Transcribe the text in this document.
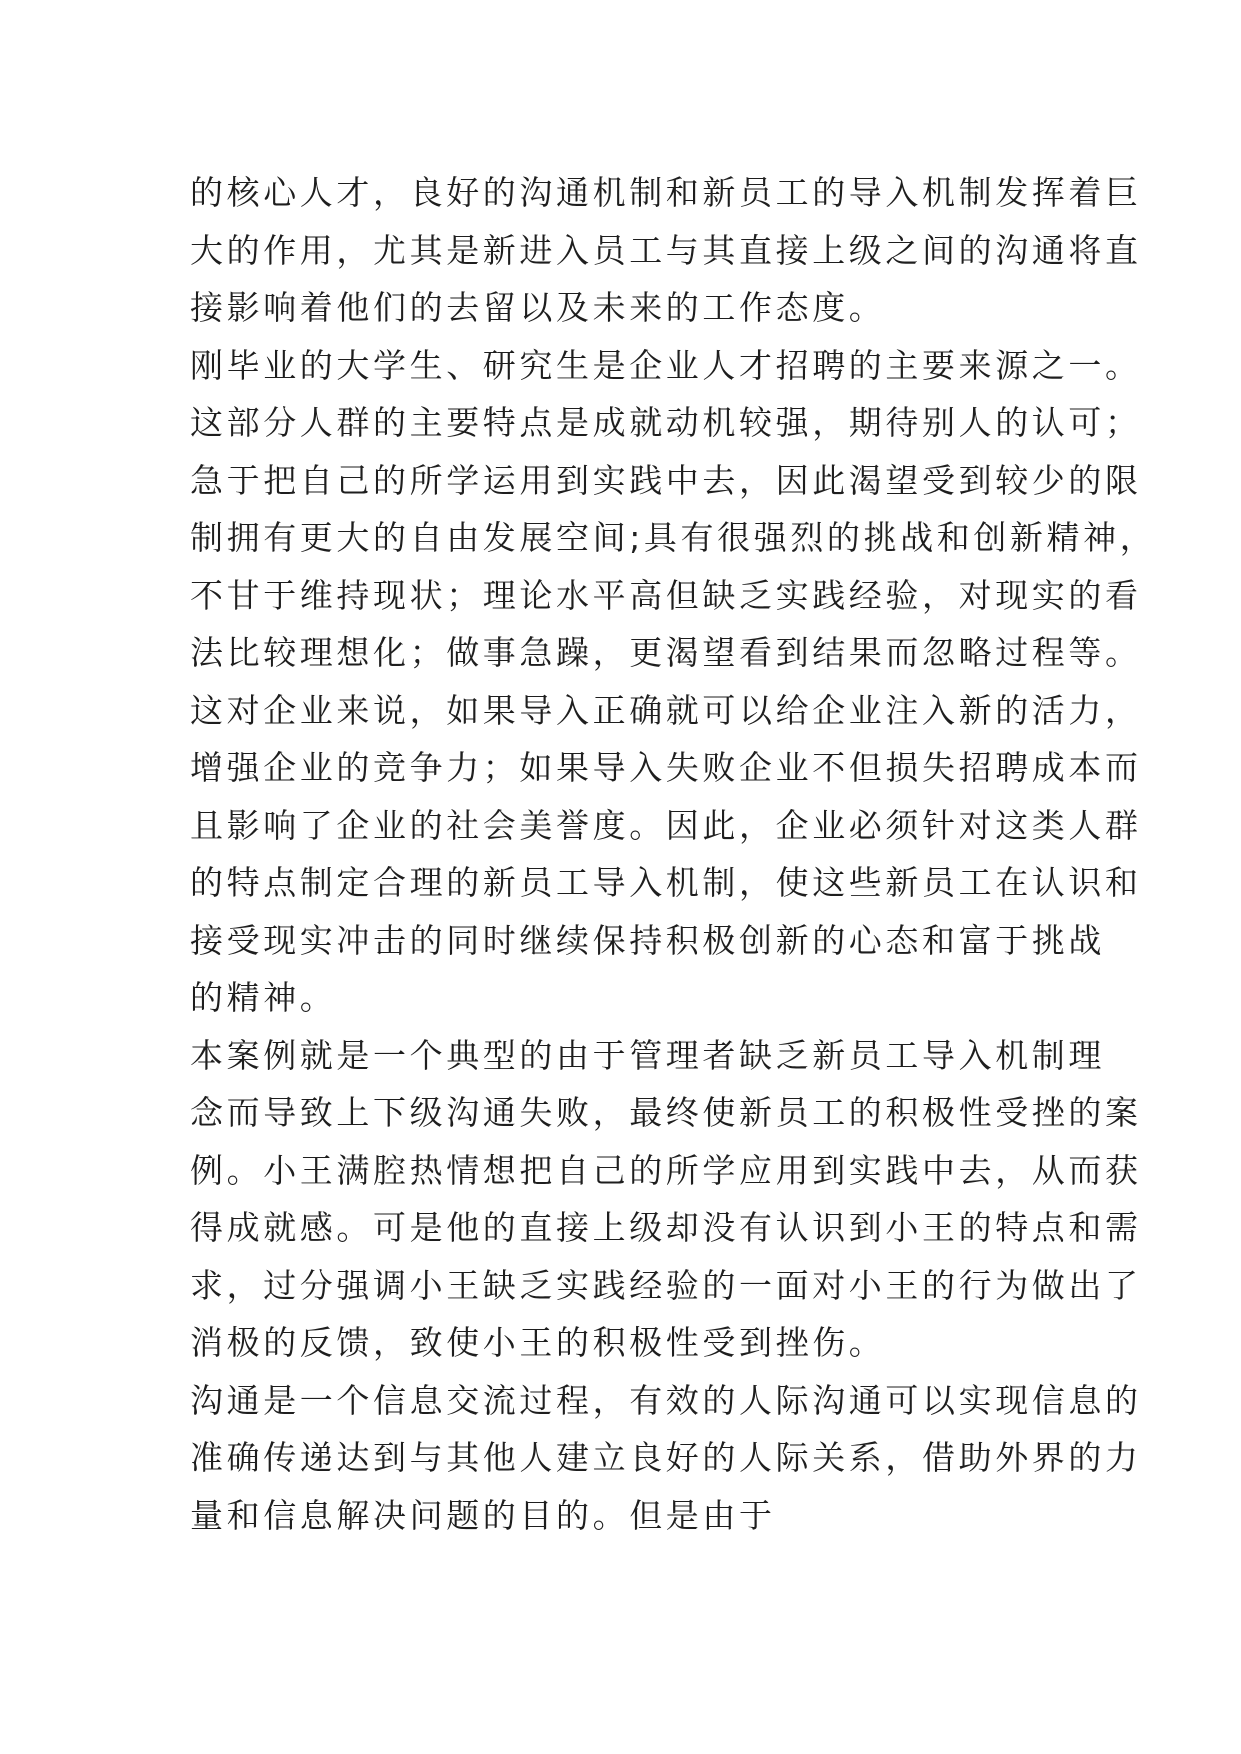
的核心人才，良好的沟通机制和新员工的导入机制发挥着巨
大的作用，尤其是新进入员工与其直接上级之间的沟通将直
接影响着他们的去留以及未来的工作态度。
刚毕业的大学生、研究生是企业人才招聘的主要来源之一。
这部分人群的主要特点是成就动机较强，期待别人的认可；
急于把自己的所学运用到实践中去，因此渴望受到较少的限
制拥有更大的自由发展空间;具有很强烈的挑战和创新精神，
不甘于维持现状；理论水平高但缺乏实践经验，对现实的看
法比较理想化；做事急躁，更渴望看到结果而忽略过程等。
这对企业来说，如果导入正确就可以给企业注入新的活力，
增强企业的竞争力；如果导入失败企业不但损失招聘成本而
且影响了企业的社会美誉度。因此，企业必须针对这类人群
的特点制定合理的新员工导入机制，使这些新员工在认识和
接受现实冲击的同时继续保持积极创新的心态和富于挑战
的精神。
本案例就是一个典型的由于管理者缺乏新员工导入机制理
念而导致上下级沟通失败，最终使新员工的积极性受挫的案
例。小王满腔热情想把自己的所学应用到实践中去，从而获
得成就感。可是他的直接上级却没有认识到小王的特点和需
求，过分强调小王缺乏实践经验的一面对小王的行为做出了
消极的反馈，致使小王的积极性受到挫伤。
沟通是一个信息交流过程，有效的人际沟通可以实现信息的
准确传递达到与其他人建立良好的人际关系，借助外界的力
量和信息解决问题的目的。但是由于
